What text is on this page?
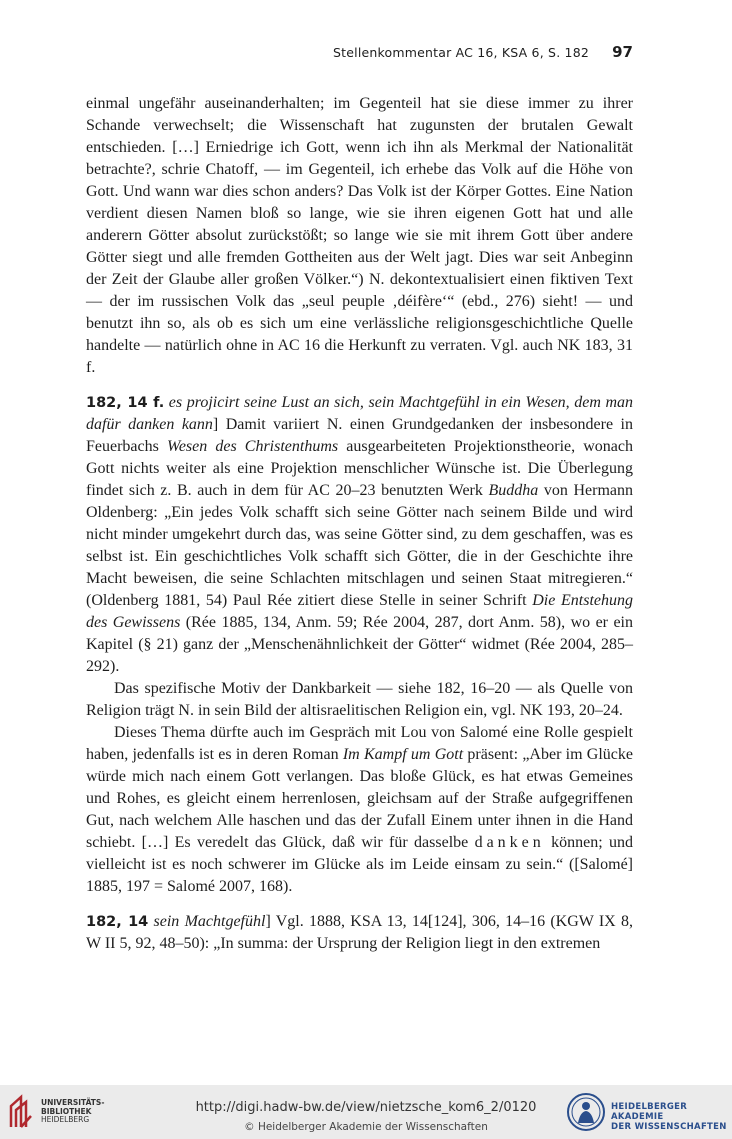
Stellenkommentar AC 16, KSA 6, S. 182 97

einmal ungefähr auseinanderhalten; im Gegenteil hat sie diese immer zu ihrer Schande verwechselt; die Wissenschaft hat zugunsten der brutalen Gewalt entschieden. […] Erniedrige ich Gott, wenn ich ihn als Merkmal der Nationalität betrachte?, schrie Chatoff, — im Gegenteil, ich erhebe das Volk auf die Höhe von Gott. Und wann war dies schon anders? Das Volk ist der Körper Gottes. Eine Nation verdient diesen Namen bloß so lange, wie sie ihren eigenen Gott hat und alle anderern Götter absolut zurückstößt; so lange wie sie mit ihrem Gott über andere Götter siegt und alle fremden Gottheiten aus der Welt jagt. Dies war seit Anbeginn der Zeit der Glaube aller großen Völker.“) N. dekontextualisiert einen fiktiven Text — der im russischen Volk das „seul peuple ‚déifère‘“ (ebd., 276) sieht! — und benutzt ihn so, als ob es sich um eine verlässliche religionsgeschichtliche Quelle handelte — natürlich ohne in AC 16 die Herkunft zu verraten. Vgl. auch NK 183, 31 f.

182, 14 f. es projicirt seine Lust an sich, sein Machtgefühl in ein Wesen, dem man dafür danken kann] Damit variiert N. einen Grundgedanken der insbesondere in Feuerbachs Wesen des Christenthums ausgearbeiteten Projektionstheorie, wonach Gott nichts weiter als eine Projektion menschlicher Wünsche ist. Die Überlegung findet sich z. B. auch in dem für AC 20–23 benutzten Werk Buddha von Hermann Oldenberg: „Ein jedes Volk schafft sich seine Götter nach seinem Bilde und wird nicht minder umgekehrt durch das, was seine Götter sind, zu dem geschaffen, was es selbst ist. Ein geschichtliches Volk schafft sich Götter, die in der Geschichte ihre Macht beweisen, die seine Schlachten mitschlagen und seinen Staat mitregieren.“ (Oldenberg 1881, 54) Paul Rée zitiert diese Stelle in seiner Schrift Die Entstehung des Gewissens (Rée 1885, 134, Anm. 59; Rée 2004, 287, dort Anm. 58), wo er ein Kapitel (§ 21) ganz der „Menschenähnlichkeit der Götter“ widmet (Rée 2004, 285–292).

Das spezifische Motiv der Dankbarkeit — siehe 182, 16–20 — als Quelle von Religion trägt N. in sein Bild der altisraelitischen Religion ein, vgl. NK 193, 20–24.

Dieses Thema dürfte auch im Gespräch mit Lou von Salomé eine Rolle gespielt haben, jedenfalls ist es in deren Roman Im Kampf um Gott präsent: „Aber im Glücke würde mich nach einem Gott verlangen. Das bloße Glück, es hat etwas Gemeines und Rohes, es gleicht einem herrenlosen, gleichsam auf der Straße aufgegriffenen Gut, nach welchem Alle haschen und das der Zufall Einem unter ihnen in die Hand schiebt. […] Es veredelt das Glück, daß wir für dasselbe danken können; und vielleicht ist es noch schwerer im Glücke als im Leide einsam zu sein.“ ([Salomé] 1885, 197 = Salomé 2007, 168).

182, 14 sein Machtgefühl] Vgl. 1888, KSA 13, 14[124], 306, 14–16 (KGW IX 8, W II 5, 92, 48–50): „In summa: der Ursprung der Religion liegt in den extremen

UNIVERSITÄTS-
BIBLIOTHEK
HEIDELBERG
http://digi.hadw-bw.de/view/nietzsche_kom6_2/0120
© Heidelberger Akademie der Wissenschaften
HEIDELBERGER AKADEMIE
DER WISSENSCHAFTEN
